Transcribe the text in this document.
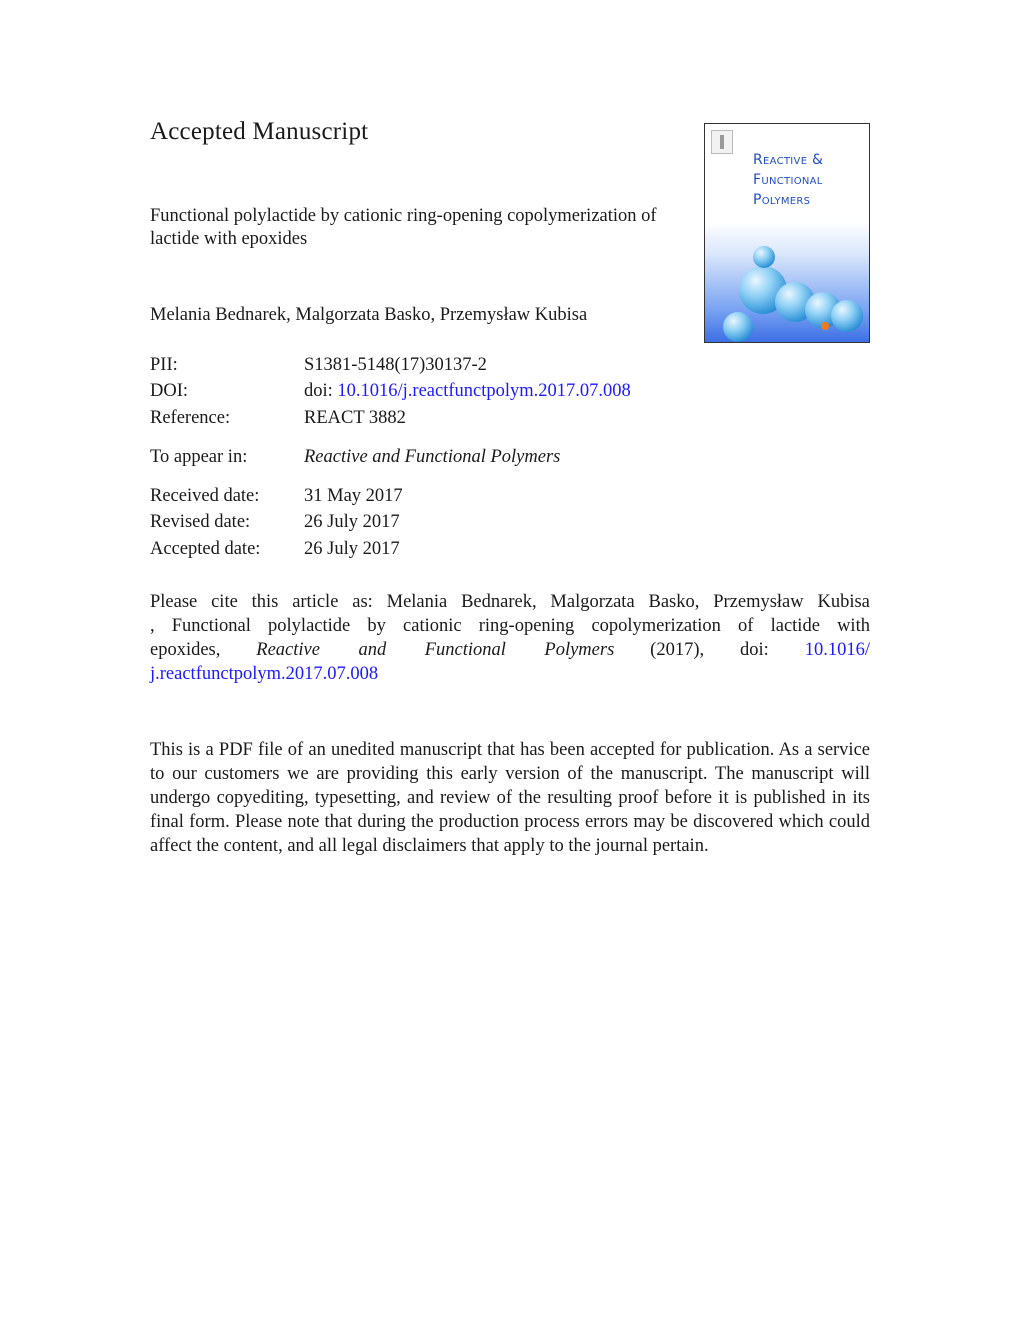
Accepted Manuscript
Functional polylactide by cationic ring-opening copolymerization of lactide with epoxides
Reactive &
Functional
Polymers
Melania Bednarek, Malgorzata Basko, Przemysław Kubisa
PII:	S1381-5148(17)30137-2
DOI:	doi: 10.1016/j.reactfunctpolym.2017.07.008
Reference:	REACT 3882
To appear in:	Reactive and Functional Polymers
Received date: 31 May 2017
Revised date:	26 July 2017
Accepted date: 26 July 2017
Please cite this article as: Melania Bednarek, Malgorzata Basko, Przemysław Kubisa
, Functional polylactide by cationic ring-opening copolymerization of lactide with
epoxides, Reactive and Functional Polymers (2017), doi: 10.1016/
j.reactfunctpolym.2017.07.008
This is a PDF file of an unedited manuscript that has been accepted for publication. As a service to our customers we are providing this early version of the manuscript. The manuscript will undergo copyediting, typesetting, and review of the resulting proof before it is published in its final form. Please note that during the production process errors may be discovered which could affect the content, and all legal disclaimers that apply to the journal pertain.
